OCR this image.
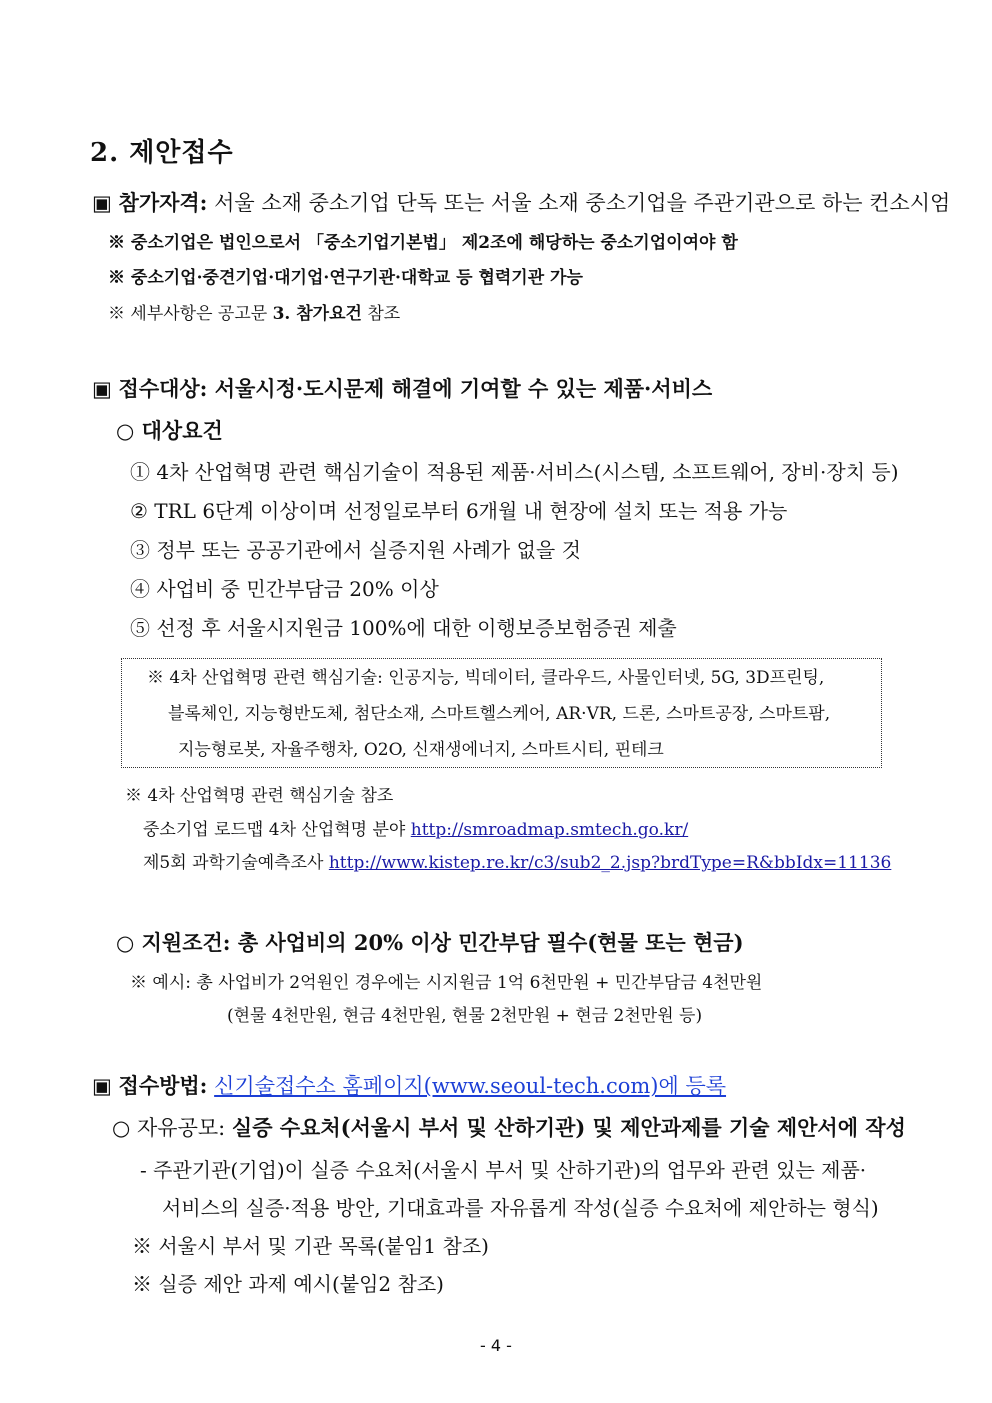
2. 제안접수
▣ 참가자격: 서울 소재 중소기업 단독 또는 서울 소재 중소기업을 주관기관으로 하는 컨소시엄
※ 중소기업은 법인으로서 「중소기업기본법」 제2조에 해당하는 중소기업이여야 함
※ 중소기업·중견기업·대기업·연구기관·대학교 등 협력기관 가능
※ 세부사항은 공고문 3. 참가요건 참조
▣ 접수대상: 서울시정·도시문제 해결에 기여할 수 있는 제품·서비스
○ 대상요건
① 4차 산업혁명 관련 핵심기술이 적용된 제품·서비스(시스템, 소프트웨어, 장비·장치 등)
② TRL 6단계 이상이며 선정일로부터 6개월 내 현장에 설치 또는 적용 가능
③ 정부 또는 공공기관에서 실증지원 사례가 없을 것
④ 사업비 중 민간부담금 20% 이상
⑤ 선정 후 서울시지원금 100%에 대한 이행보증보험증권 제출
※ 4차 산업혁명 관련 핵심기술: 인공지능, 빅데이터, 클라우드, 사물인터넷, 5G, 3D프린팅,
블록체인, 지능형반도체, 첨단소재, 스마트헬스케어, AR·VR, 드론, 스마트공장, 스마트팜,
지능형로봇, 자율주행차, O2O, 신재생에너지, 스마트시티, 핀테크
※ 4차 산업혁명 관련 핵심기술 참조
중소기업 로드맵 4차 산업혁명 분야 http://smroadmap.smtech.go.kr/
제5회 과학기술예측조사 http://www.kistep.re.kr/c3/sub2_2.jsp?brdType=R&bbIdx=11136
○ 지원조건: 총 사업비의 20% 이상 민간부담 필수(현물 또는 현금)
※ 예시: 총 사업비가 2억원인 경우에는 시지원금 1억 6천만원 + 민간부담금 4천만원
(현물 4천만원, 현금 4천만원, 현물 2천만원 + 현금 2천만원 등)
▣ 접수방법: 신기술접수소 홈페이지(www.seoul-tech.com)에 등록
○ 자유공모: 실증 수요처(서울시 부서 및 산하기관) 및 제안과제를 기술 제안서에 작성
- 주관기관(기업)이 실증 수요처(서울시 부서 및 산하기관)의 업무와 관련 있는 제품·
서비스의 실증·적용 방안, 기대효과를 자유롭게 작성(실증 수요처에 제안하는 형식)
※ 서울시 부서 및 기관 목록(붙임1 참조)
※ 실증 제안 과제 예시(붙임2 참조)
- 4 -
